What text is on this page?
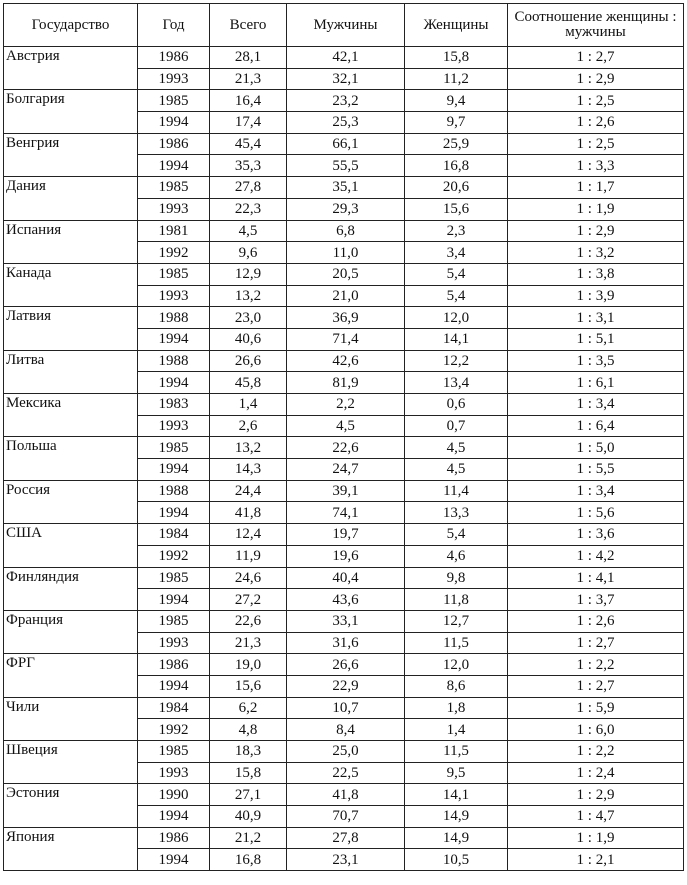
Государство	Год	Всего	Мужчины	Женщины	Соотношение женщины : мужчины
Австрия	1986	28,1	42,1	15,8	1 : 2,7
	1993	21,3	32,1	11,2	1 : 2,9
Болгария	1985	16,4	23,2	9,4	1 : 2,5
	1994	17,4	25,3	9,7	1 : 2,6
Венгрия	1986	45,4	66,1	25,9	1 : 2,5
	1994	35,3	55,5	16,8	1 : 3,3
Дания	1985	27,8	35,1	20,6	1 : 1,7
	1993	22,3	29,3	15,6	1 : 1,9
Испания	1981	4,5	6,8	2,3	1 : 2,9
	1992	9,6	11,0	3,4	1 : 3,2
Канада	1985	12,9	20,5	5,4	1 : 3,8
	1993	13,2	21,0	5,4	1 : 3,9
Латвия	1988	23,0	36,9	12,0	1 : 3,1
	1994	40,6	71,4	14,1	1 : 5,1
Литва	1988	26,6	42,6	12,2	1 : 3,5
	1994	45,8	81,9	13,4	1 : 6,1
Мексика	1983	1,4	2,2	0,6	1 : 3,4
	1993	2,6	4,5	0,7	1 : 6,4
Польша	1985	13,2	22,6	4,5	1 : 5,0
	1994	14,3	24,7	4,5	1 : 5,5
Россия	1988	24,4	39,1	11,4	1 : 3,4
	1994	41,8	74,1	13,3	1 : 5,6
США	1984	12,4	19,7	5,4	1 : 3,6
	1992	11,9	19,6	4,6	1 : 4,2
Финляндия	1985	24,6	40,4	9,8	1 : 4,1
	1994	27,2	43,6	11,8	1 : 3,7
Франция	1985	22,6	33,1	12,7	1 : 2,6
	1993	21,3	31,6	11,5	1 : 2,7
ФРГ	1986	19,0	26,6	12,0	1 : 2,2
	1994	15,6	22,9	8,6	1 : 2,7
Чили	1984	6,2	10,7	1,8	1 : 5,9
	1992	4,8	8,4	1,4	1 : 6,0
Швеция	1985	18,3	25,0	11,5	1 : 2,2
	1993	15,8	22,5	9,5	1 : 2,4
Эстония	1990	27,1	41,8	14,1	1 : 2,9
	1994	40,9	70,7	14,9	1 : 4,7
Япония	1986	21,2	27,8	14,9	1 : 1,9
	1994	16,8	23,1	10,5	1 : 2,1
